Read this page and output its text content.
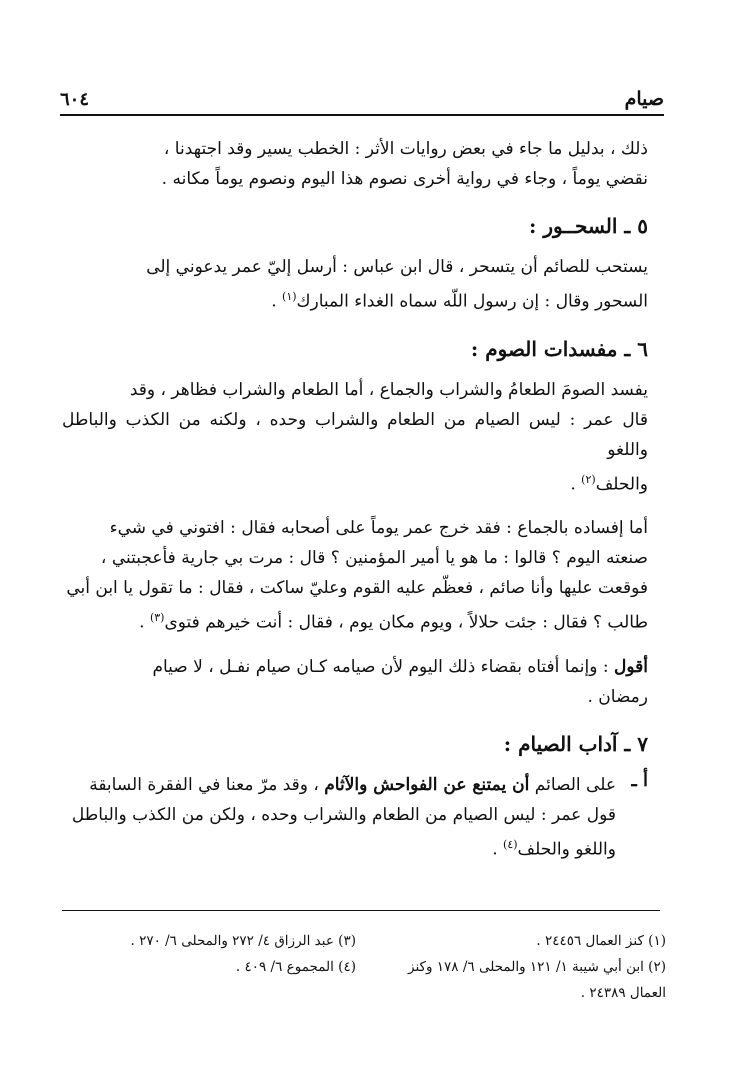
صيام
٦٠٤

ذلك ، بدليل ما جاء في بعض روايات الأثر : الخطب يسير وقد اجتهدنا ،

نقضي يوماً ، وجاء في رواية أخرى نصوم هذا اليوم ونصوم يوماً مكانه .

٥ ـ السحــور :

يستحب للصائم أن يتسحر ، قال ابن عباس : أرسل إليّ عمر يدعوني إلى

السحور وقال : إن رسول اللّه سماه الغداء المبارك$^{(١)}$ .

٦ ـ مفسدات الصوم :

يفسد الصومَ الطعامُ والشراب والجماع ، أما الطعام والشراب فظاهر ، وقد

قال عمر : ليس الصيام من الطعام والشراب وحده ، ولكنه من الكذب والباطل واللغو

والحلف$^{(٢)}$ .

أما إفساده بالجماع : فقد خرج عمر يوماً على أصحابه فقال : افتوني في شيء

صنعته اليوم ؟ قالوا : ما هو يا أمير المؤمنين ؟ قال : مرت بي جارية فأعجبتني ،

فوقعت عليها وأنا صائم ، فعظّم عليه القوم وعليّ ساكت ، فقال : ما تقول يا ابن أبي

طالب ؟ فقال : جئت حلالاً ، ويوم مكان يوم ، فقال : أنت خيرهم فتوى$^{(٣)}$ .

أقول : وإنما أفتاه بقضاء ذلك اليوم لأن صيامه كـان صيام نفـل ، لا صيام

رمضان .

٧ ـ آداب الصيام :
أ ـ

على الصائم أن يمتنع عن الفواحش والآثام ، وقد مرّ معنا في الفقرة السابقة

قول عمر : ليس الصيام من الطعام والشراب وحده ، ولكن من الكذب والباطل

واللغو والحلف$^{(٤)}$ .

(١) كنز العمال ٢٤٤٥٦ .
(٢) ابن أبي شيبة ١/ ١٢١ والمحلى ٦/ ١٧٨ وكنز
العمال ٢٤٣٨٩ .
(٣) عبد الرزاق ٤/ ٢٧٢ والمحلى ٦/ ٢٧٠ .
(٤) المجموع ٦/ ٤٠٩ .
